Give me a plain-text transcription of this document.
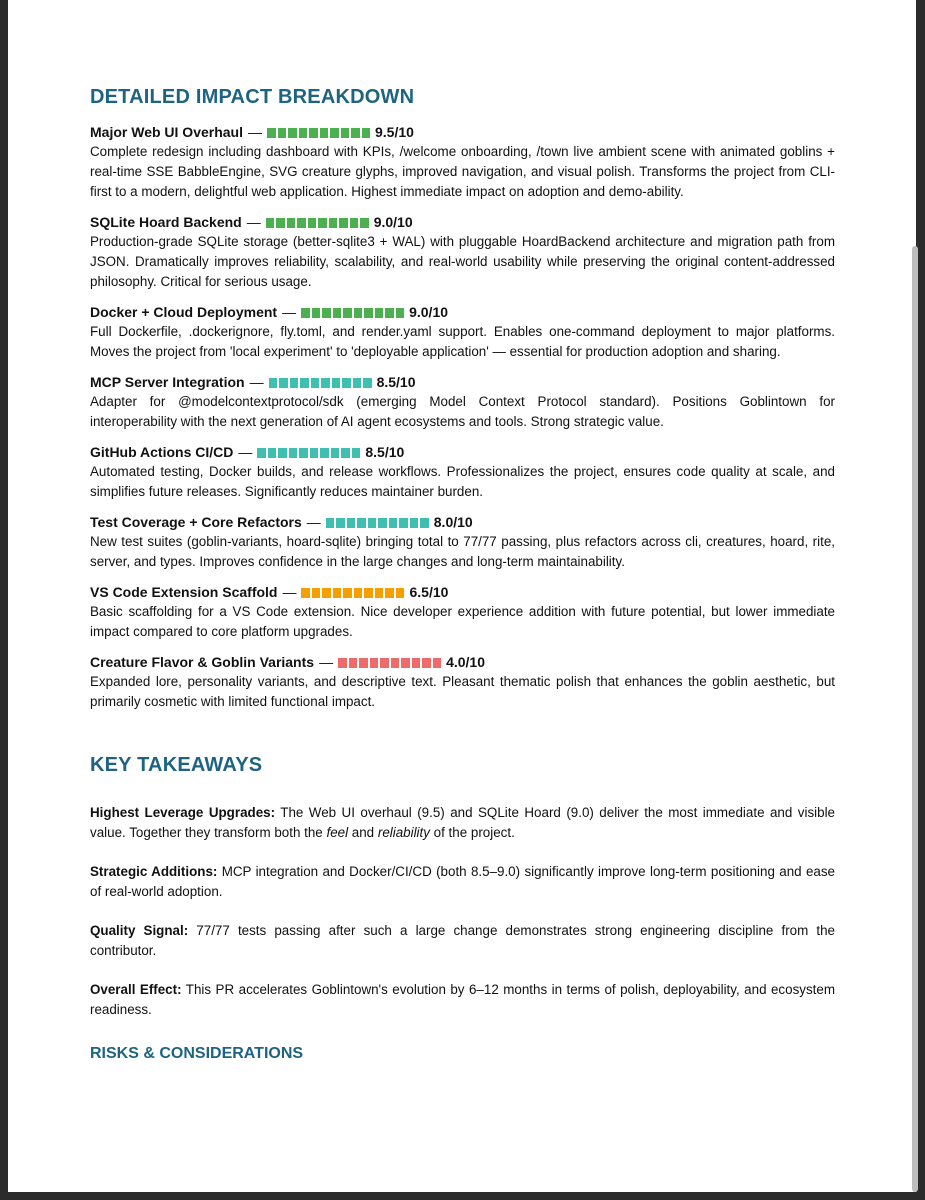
DETAILED IMPACT BREAKDOWN
Major Web UI Overhaul —	9.5/10

Complete redesign including dashboard with KPIs, /welcome onboarding, /town live ambient scene with animated goblins + real-time SSE BabbleEngine, SVG creature glyphs, improved navigation, and visual polish. Transforms the project from CLI-first to a modern, delightful web application. Highest immediate impact on adoption and demo-ability.

SQLite Hoard Backend —	9.0/10

Production-grade SQLite storage (better-sqlite3 + WAL) with pluggable HoardBackend architecture and migration path from JSON. Dramatically improves reliability, scalability, and real-world usability while preserving the original content-addressed philosophy. Critical for serious usage.

Docker + Cloud Deployment —	9.0/10

Full Dockerfile, .dockerignore, fly.toml, and render.yaml support. Enables one-command deployment to major platforms. Moves the project from 'local experiment' to 'deployable application' — essential for production adoption and sharing.

MCP Server Integration —	8.5/10

Adapter for @modelcontextprotocol/sdk (emerging Model Context Protocol standard). Positions Goblintown for interoperability with the next generation of AI agent ecosystems and tools. Strong strategic value.

GitHub Actions CI/CD —	8.5/10

Automated testing, Docker builds, and release workflows. Professionalizes the project, ensures code quality at scale, and simplifies future releases. Significantly reduces maintainer burden.

Test Coverage + Core Refactors —	8.0/10

New test suites (goblin-variants, hoard-sqlite) bringing total to 77/77 passing, plus refactors across cli, creatures, hoard, rite, server, and types. Improves confidence in the large changes and long-term maintainability.

VS Code Extension Scaffold —	6.5/10

Basic scaffolding for a VS Code extension. Nice developer experience addition with future potential, but lower immediate impact compared to core platform upgrades.

Creature Flavor & Goblin Variants —	4.0/10

Expanded lore, personality variants, and descriptive text. Pleasant thematic polish that enhances the goblin aesthetic, but primarily cosmetic with limited functional impact.

KEY TAKEAWAYS

Highest Leverage Upgrades: The Web UI overhaul (9.5) and SQLite Hoard (9.0) deliver the most immediate and visible value. Together they transform both the feel and reliability of the project.

Strategic Additions: MCP integration and Docker/CI/CD (both 8.5–9.0) significantly improve long-term positioning and ease of real-world adoption.

Quality Signal: 77/77 tests passing after such a large change demonstrates strong engineering discipline from the contributor.

Overall Effect: This PR accelerates Goblintown's evolution by 6–12 months in terms of polish, deployability, and ecosystem readiness.

RISKS & CONSIDERATIONS
